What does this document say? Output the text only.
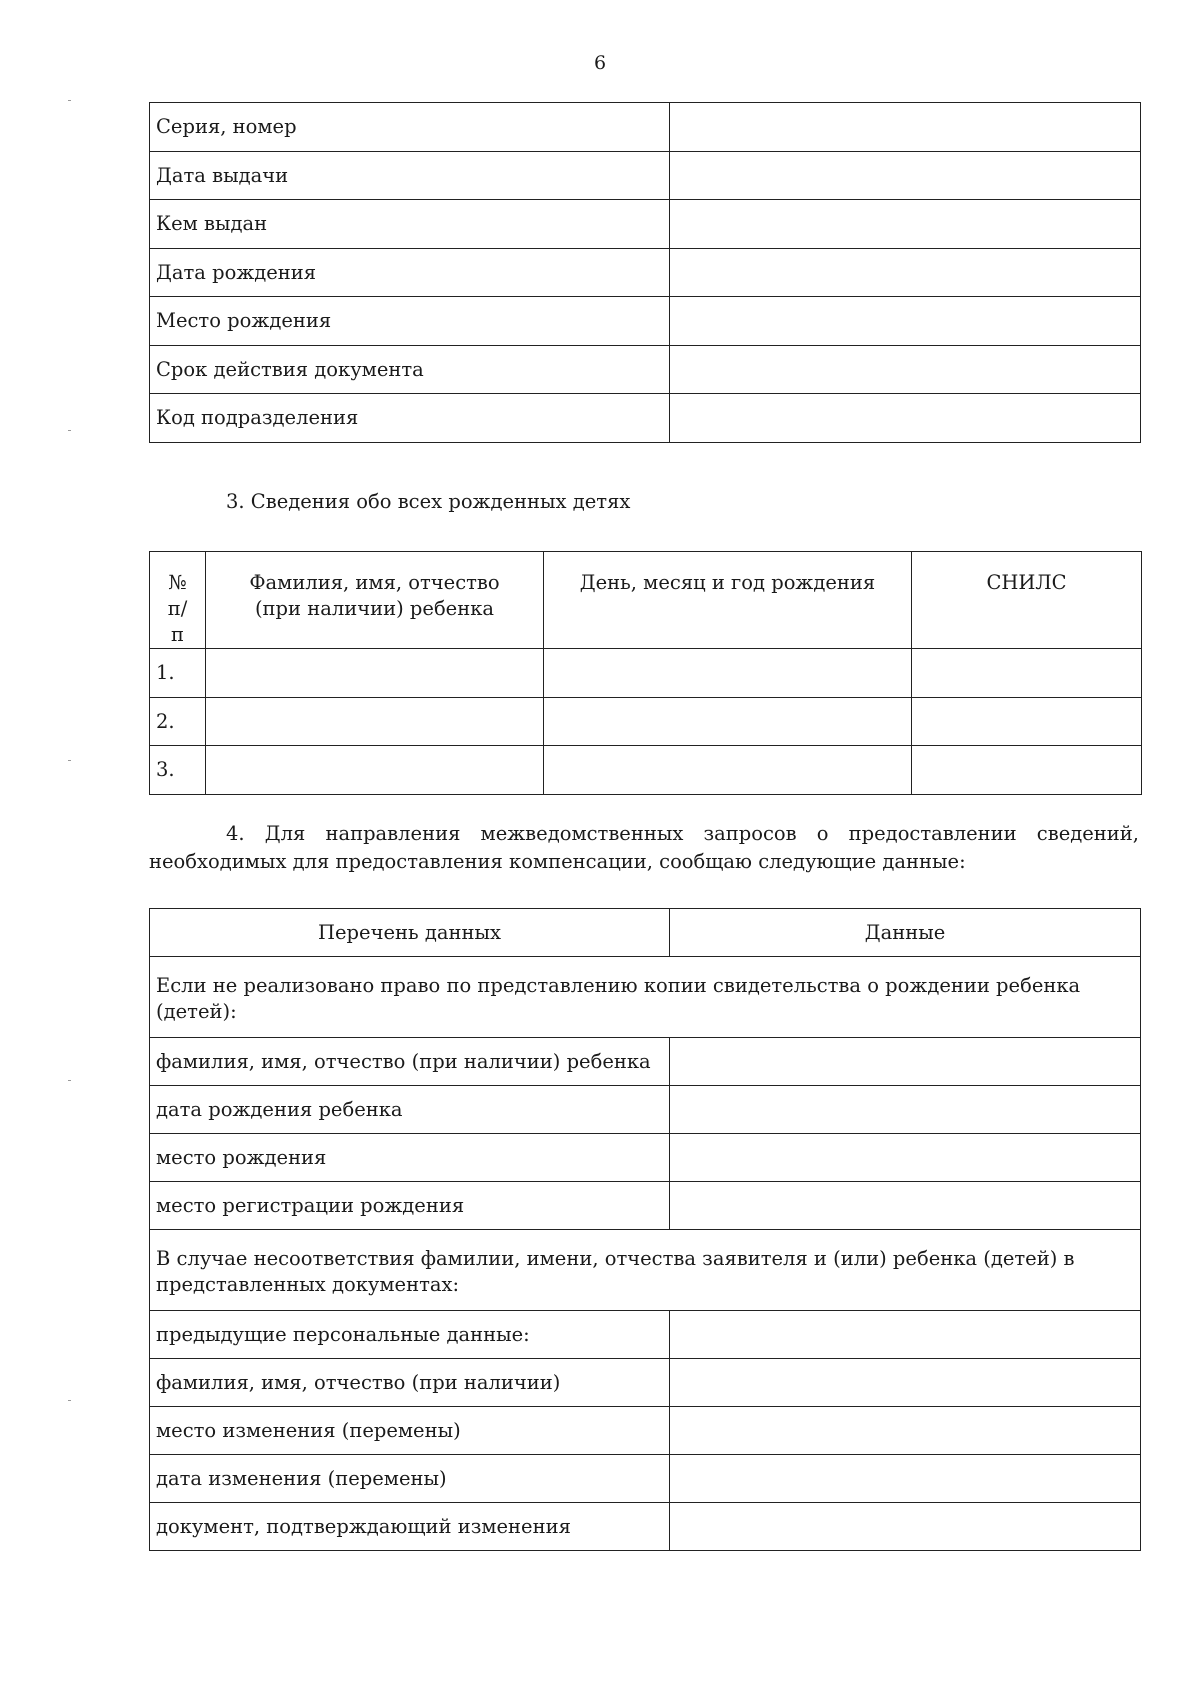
6
Серия, номер	
Дата выдачи	
Кем выдан	
Дата рождения	
Место рождения	
Срок действия документа	
Код подразделения	
3. Сведения обо всех рожденных детях
№ п/п	Фамилия, имя, отчество (при наличии) ребенка	День, месяц и год рождения	СНИЛС
1.			
2.			
3.			
4. Для направления межведомственных запросов о предоставлении сведений, необходимых для предоставления компенсации, сообщаю следующие данные:
Перечень данных	Данные
Если не реализовано право по представлению копии свидетельства о рождении ребенка (детей):	
фамилия, имя, отчество (при наличии) ребенка	
дата рождения ребенка	
место рождения	
место регистрации рождения	
В случае несоответствия фамилии, имени, отчества заявителя и (или) ребенка (детей) в представленных документах:	
предыдущие персональные данные:	
фамилия, имя, отчество (при наличии)	
место изменения (перемены)	
дата изменения (перемены)	
документ, подтверждающий изменения	
